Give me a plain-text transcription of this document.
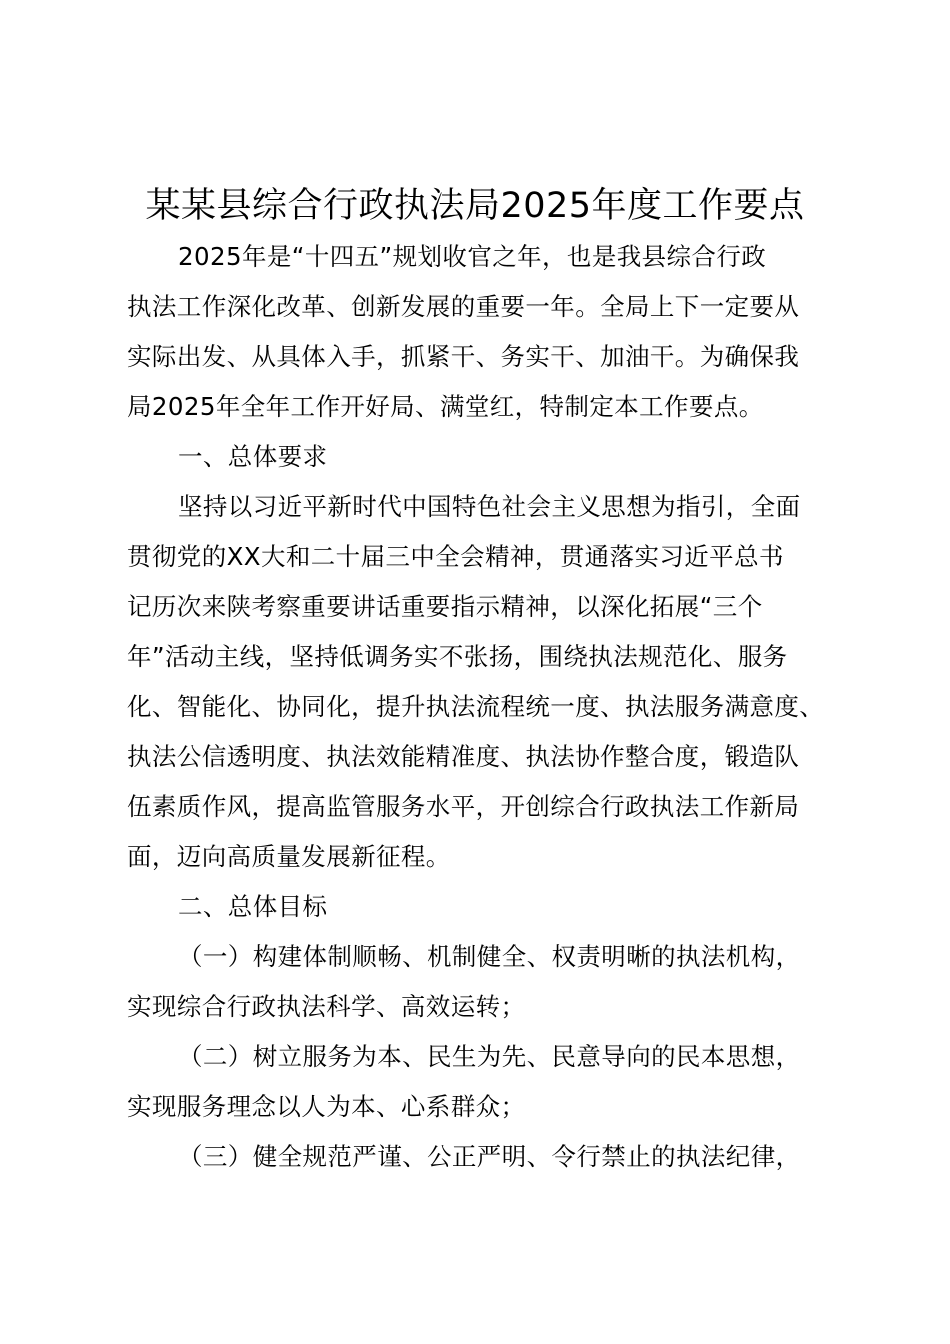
某某县综合行政执法局2025年度工作要点
2025年是“十四五”规划收官之年，也是我县综合行政
执法工作深化改革、创新发展的重要一年。全局上下一定要从
实际出发、从具体入手，抓紧干、务实干、加油干。为确保我
局2025年全年工作开好局、满堂红，特制定本工作要点。
一、总体要求
坚持以习近平新时代中国特色社会主义思想为指引，全面
贯彻党的XX大和二十届三中全会精神，贯通落实习近平总书
记历次来陕考察重要讲话重要指示精神，以深化拓展“三个
年”活动主线，坚持低调务实不张扬，围绕执法规范化、服务
化、智能化、协同化，提升执法流程统一度、执法服务满意度、
执法公信透明度、执法效能精准度、执法协作整合度，锻造队
伍素质作风，提高监管服务水平，开创综合行政执法工作新局
面，迈向高质量发展新征程。
二、总体目标
（一）构建体制顺畅、机制健全、权责明晰的执法机构，
实现综合行政执法科学、高效运转；
（二）树立服务为本、民生为先、民意导向的民本思想，
实现服务理念以人为本、心系群众；
（三）健全规范严谨、公正严明、令行禁止的执法纪律，
